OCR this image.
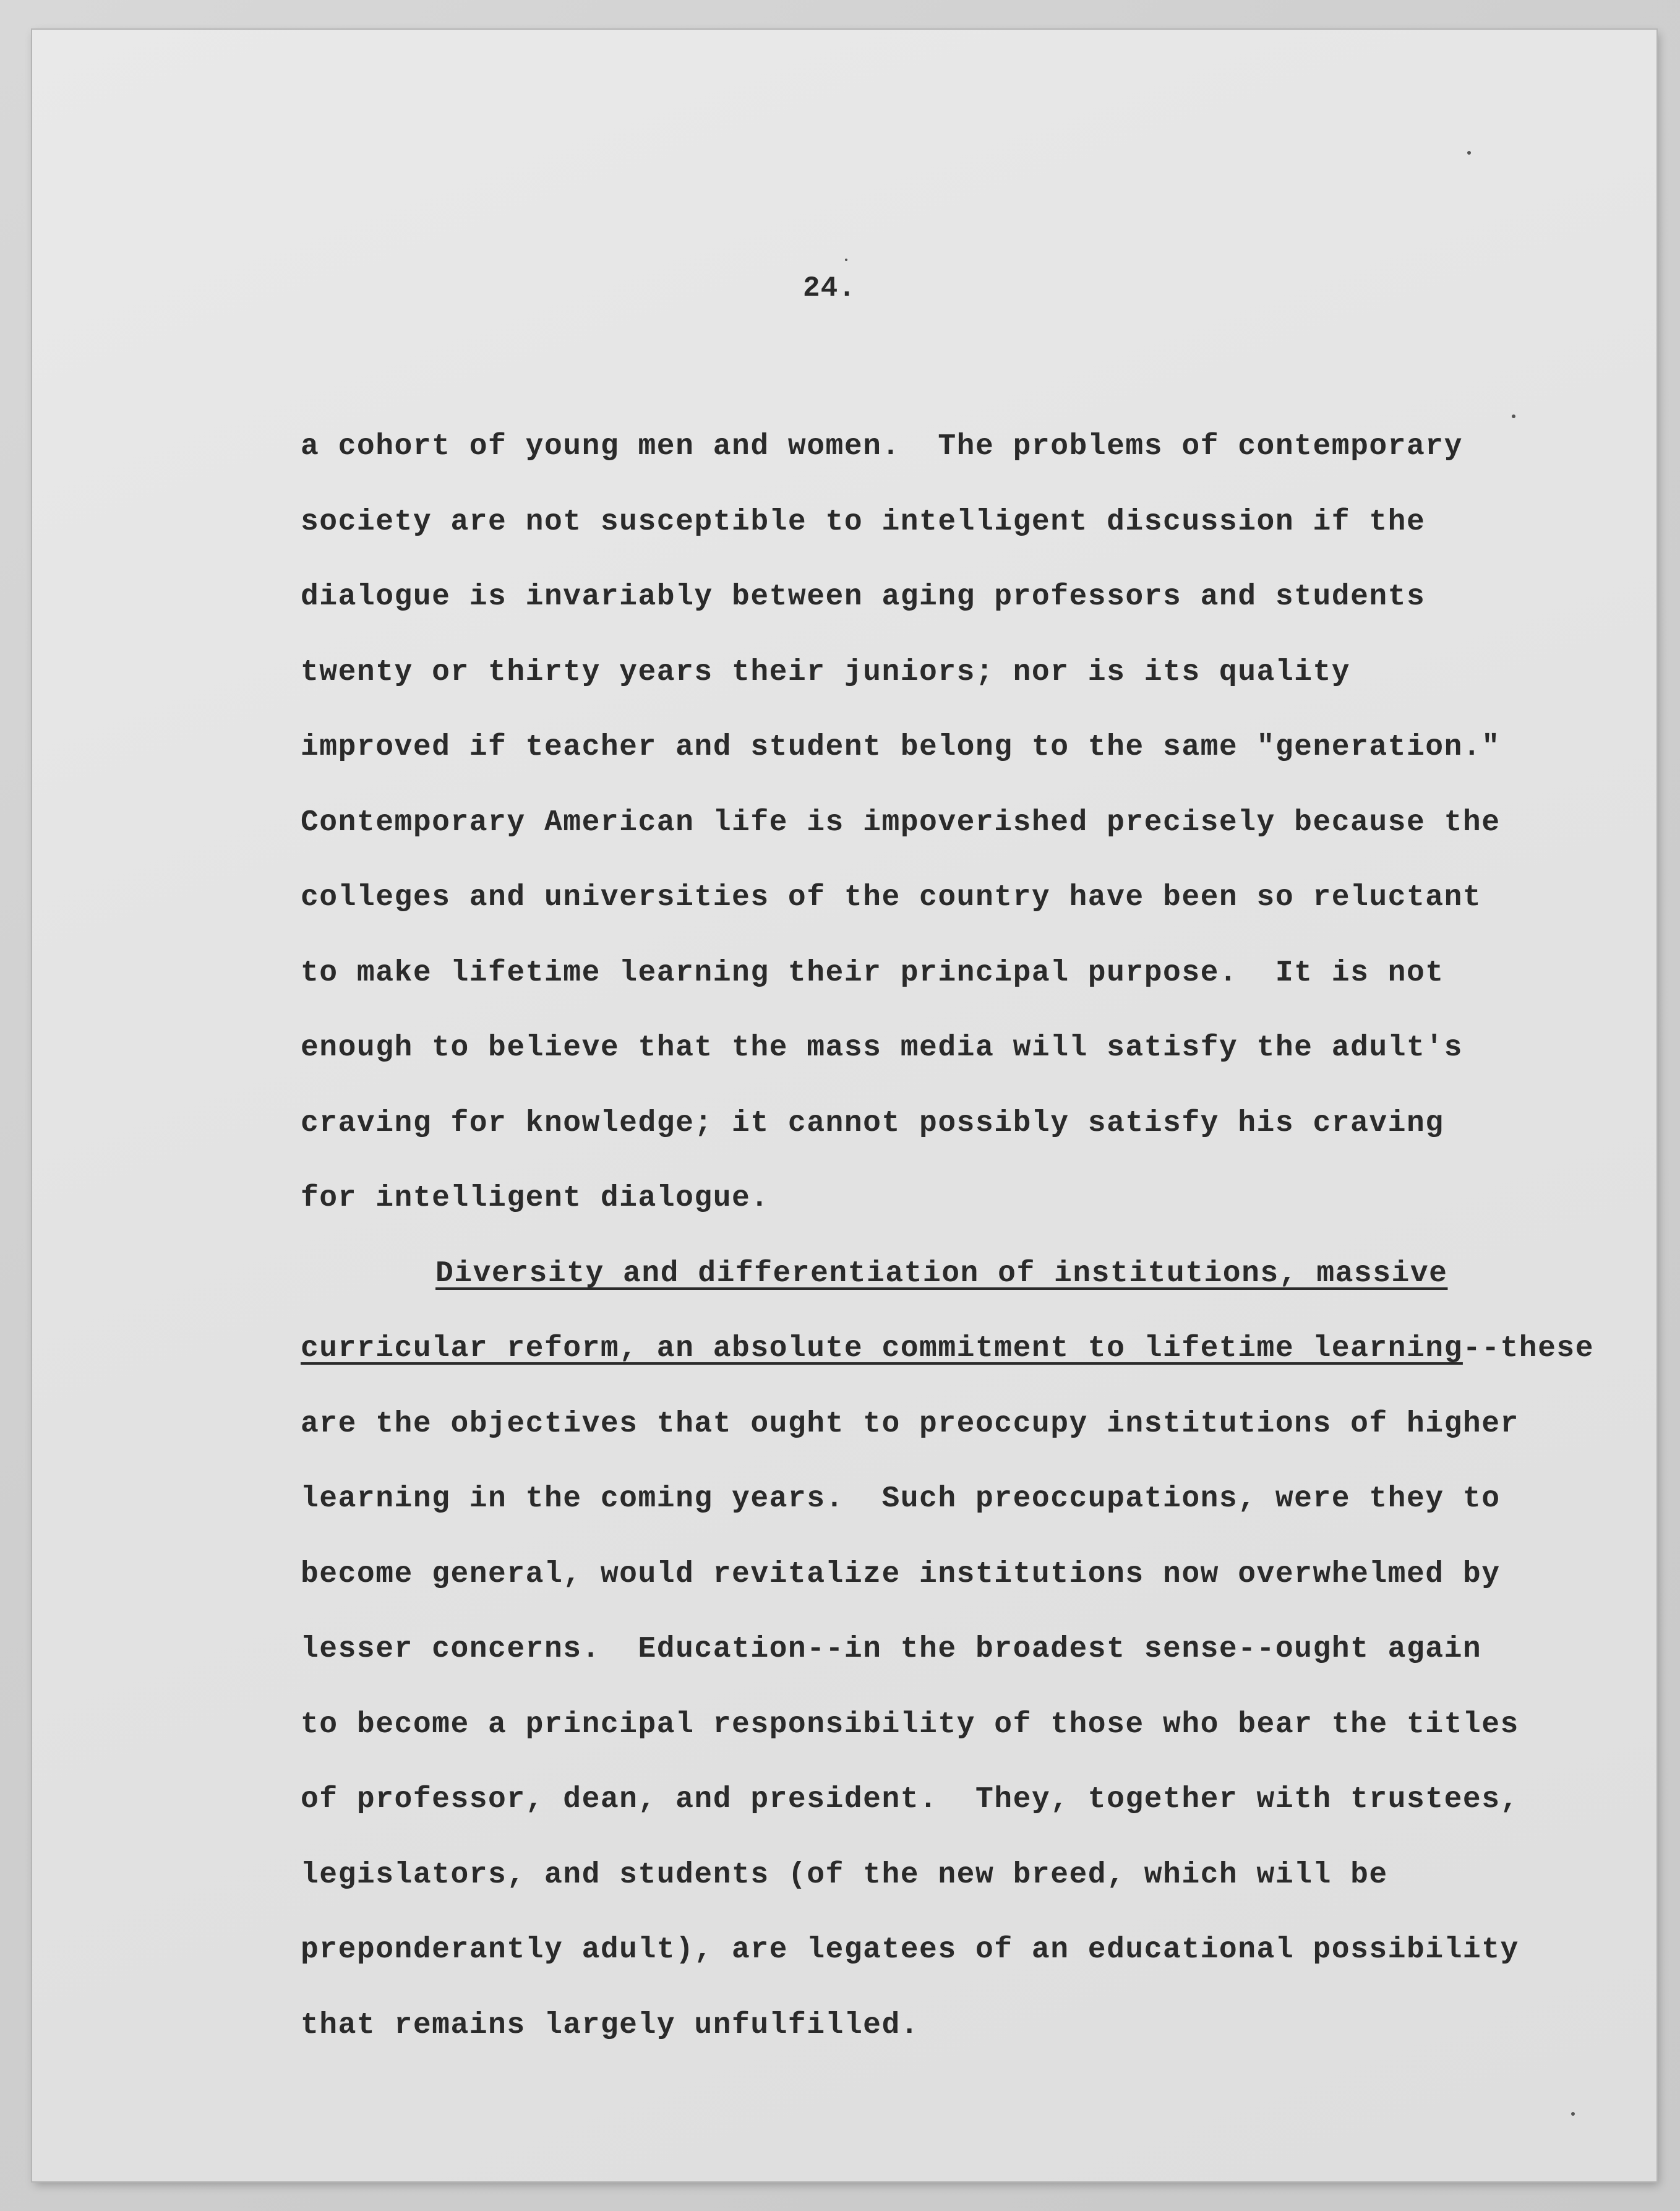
24.
a cohort of young men and women.  The problems of contemporary
society are not susceptible to intelligent discussion if the
dialogue is invariably between aging professors and students
twenty or thirty years their juniors; nor is its quality
improved if teacher and student belong to the same "generation."
Contemporary American life is impoverished precisely because the
colleges and universities of the country have been so reluctant
to make lifetime learning their principal purpose.  It is not
enough to believe that the mass media will satisfy the adult's
craving for knowledge; it cannot possibly satisfy his craving
for intelligent dialogue.
Diversity and differentiation of institutions, massive
curricular reform, an absolute commitment to lifetime learning--these
are the objectives that ought to preoccupy institutions of higher
learning in the coming years.  Such preoccupations, were they to
become general, would revitalize institutions now overwhelmed by
lesser concerns.  Education--in the broadest sense--ought again
to become a principal responsibility of those who bear the titles
of professor, dean, and president.  They, together with trustees,
legislators, and students (of the new breed, which will be
preponderantly adult), are legatees of an educational possibility
that remains largely unfulfilled.
